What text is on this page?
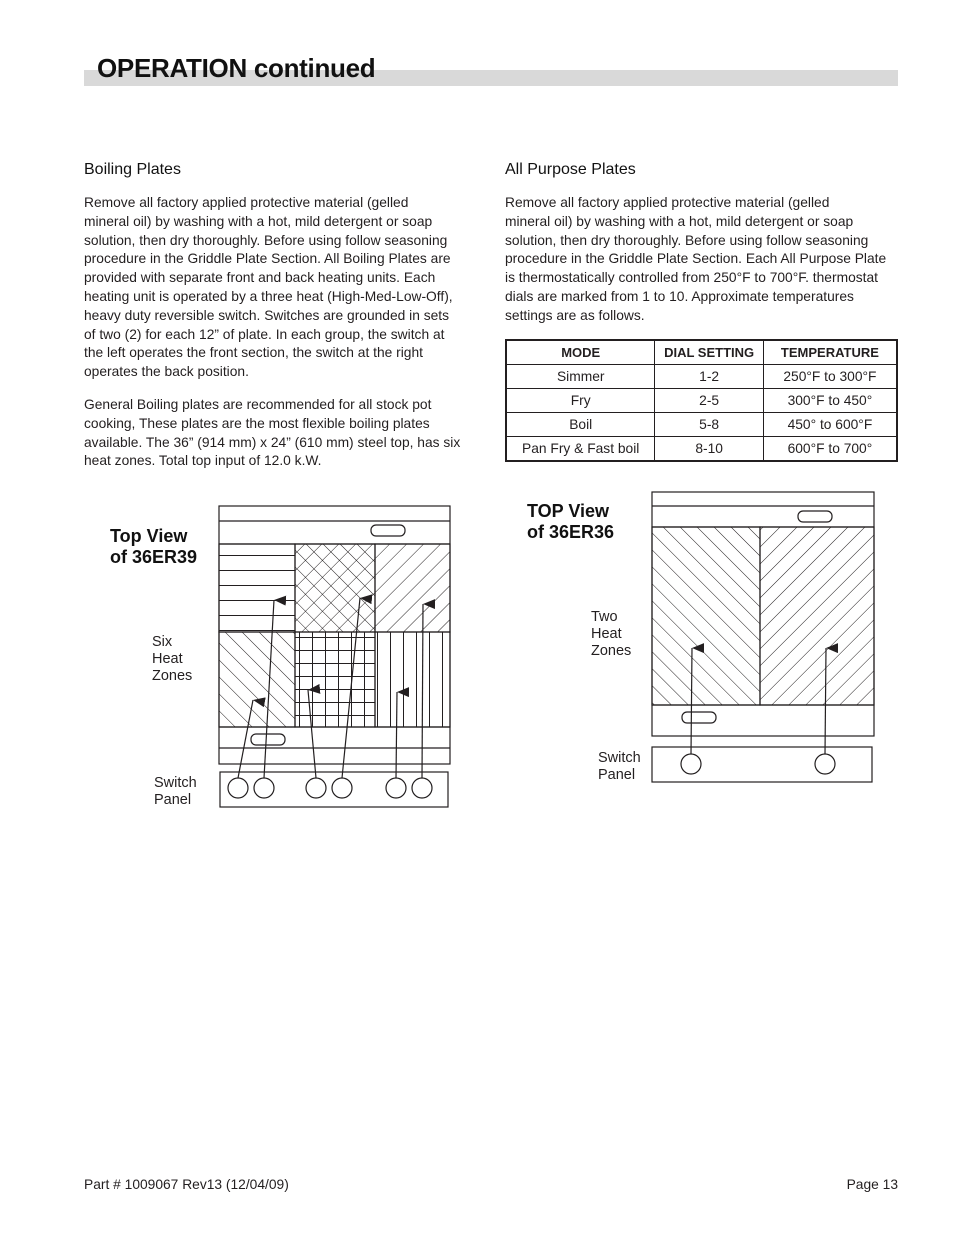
OPERATION continued
Boiling Plates
Remove all factory applied protective material (gelled
mineral oil) by washing with a hot, mild detergent or soap
solution, then dry thoroughly. Before using follow seasoning
procedure in the Griddle Plate Section. All Boiling Plates are
provided with separate front and back heating units. Each
heating unit is operated by a three heat (High-Med-Low-Off),
heavy duty reversible switch. Switches are grounded in sets
of two (2) for each 12” of plate. In each group, the switch at
the left operates the front section, the switch at the right
operates the back position.
General Boiling plates are recommended for all stock pot
cooking, These plates are the most flexible boiling plates
available. The 36” (914 mm) x 24” (610 mm) steel top, has six
heat zones. Total top input of 12.0 k.W.
All Purpose Plates
Remove all factory applied protective material (gelled
mineral oil) by washing with a hot, mild detergent or soap
solution, then dry thoroughly. Before using follow seasoning
procedure in the Griddle Plate Section. Each All Purpose Plate
is thermostatically controlled from 250°F to 700°F. thermostat
dials are marked from 1 to 10. Approximate temperatures
settings are as follows.
MODE	DIAL SETTING	TEMPERATURE
Simmer	1-2	250°F to 300°F
Fry	2-5	300°F to 450°
Boil	5-8	450° to 600°F
Pan Fry & Fast boil	8-10	600°F to 700°
Top View
of 36ER39
Six
Heat
Zones
Switch
Panel
TOP View
of 36ER36
Two
Heat
Zones
Switch
Panel

Part # 1009067 Rev13 (12/04/09)	Page 13
